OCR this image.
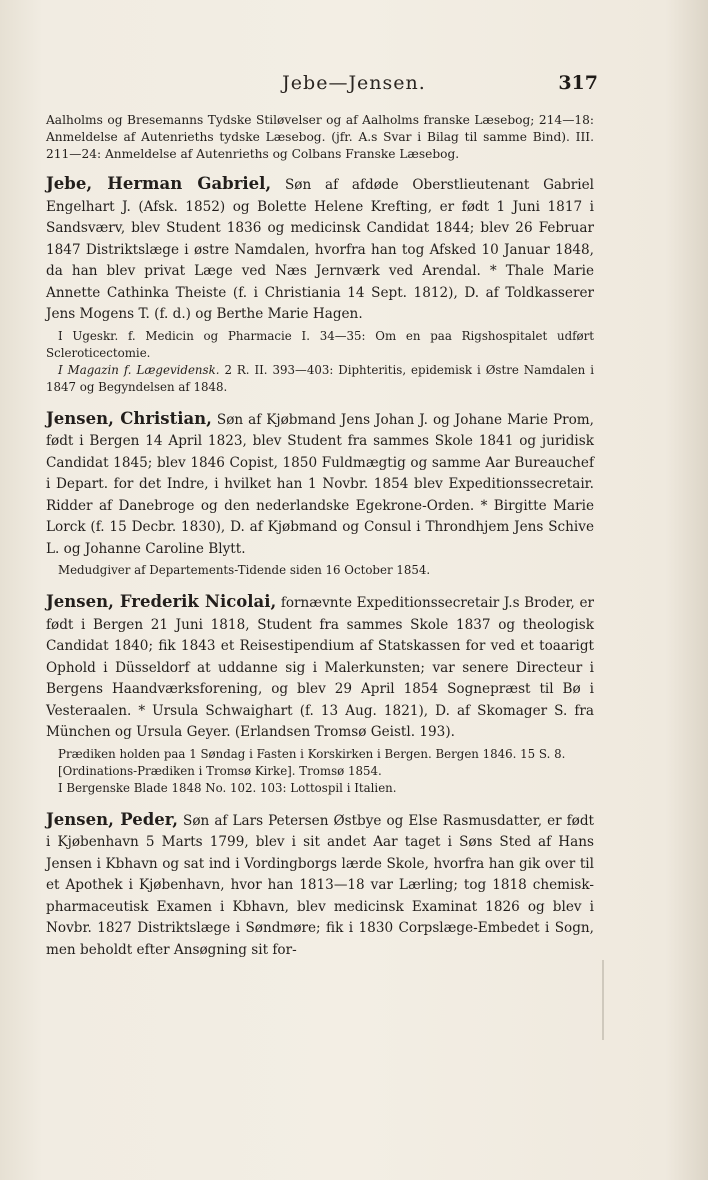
Jebe—Jensen.	317

Aalholms og Bresemanns Tydske Stiløvelser og af Aalholms franske Læsebog; 214—18: Anmeldelse af Autenrieths tydske Læsebog. (jfr. A.s Svar i Bilag til samme Bind). III. 211—24: Anmeldelse af Autenrieths og Colbans Franske Læsebog.

Jebe, Herman Gabriel, Søn af afdøde Oberstlieutenant Gabriel Engelhart J. (Afsk. 1852) og Bolette Helene Krefting, er født 1 Juni 1817 i Sandsværv, blev Student 1836 og medicinsk Candidat 1844; blev 26 Februar 1847 Distriktslæge i østre Namdalen, hvorfra han tog Afsked 10 Januar 1848, da han blev privat Læge ved Næs Jernværk ved Arendal. * Thale Marie Annette Cathinka Theiste (f. i Christiania 14 Sept. 1812), D. af Toldkasserer Jens Mogens T. (f. d.) og Berthe Marie Hagen.

I Ugeskr. f. Medicin og Pharmacie I. 34—35: Om en paa Rigshospitalet udført Scleroticectomie.

I Magazin f. Lægevidensk. 2 R. II. 393—403: Diphteritis, epidemisk i Østre Namdalen i 1847 og Begyndelsen af 1848.

Jensen, Christian, Søn af Kjøbmand Jens Johan J. og Johane Marie Prom, født i Bergen 14 April 1823, blev Student fra sammes Skole 1841 og juridisk Candidat 1845; blev 1846 Copist, 1850 Fuldmægtig og samme Aar Bureauchef i Depart. for det Indre, i hvilket han 1 Novbr. 1854 blev Expeditionssecretair. Ridder af Danebroge og den nederlandske Egekrone-Orden. * Birgitte Marie Lorck (f. 15 Decbr. 1830), D. af Kjøbmand og Consul i Throndhjem Jens Schive L. og Johanne Caroline Blytt.

Medudgiver af Departements-Tidende siden 16 October 1854.

Jensen, Frederik Nicolai, fornævnte Expeditionssecretair J.s Broder, er født i Bergen 21 Juni 1818, Student fra sammes Skole 1837 og theologisk Candidat 1840; fik 1843 et Reisestipendium af Statskassen for ved et toaarigt Ophold i Düsseldorf at uddanne sig i Malerkunsten; var senere Directeur i Bergens Haandværksforening, og blev 29 April 1854 Sognepræst til Bø i Vesteraalen. * Ursula Schwaighart (f. 13 Aug. 1821), D. af Skomager S. fra München og Ursula Geyer. (Erlandsen Tromsø Geistl. 193).

Prædiken holden paa 1 Søndag i Fasten i Korskirken i Bergen. Bergen 1846. 15 S. 8.

[Ordinations-Prædiken i Tromsø Kirke]. Tromsø 1854.

I Bergenske Blade 1848 No. 102. 103: Lottospil i Italien.

Jensen, Peder, Søn af Lars Petersen Østbye og Else Rasmusdatter, er født i Kjøbenhavn 5 Marts 1799, blev i sit andet Aar taget i Søns Sted af Hans Jensen i Kbhavn og sat ind i Vordingborgs lærde Skole, hvorfra han gik over til et Apothek i Kjøbenhavn, hvor han 1813—18 var Lærling; tog 1818 chemisk-pharmaceutisk Examen i Kbhavn, blev medicinsk Examinat 1826 og blev i Novbr. 1827 Distriktslæge i Søndmøre; fik i 1830 Corpslæge-Embedet i Sogn, men beholdt efter Ansøgning sit for-
